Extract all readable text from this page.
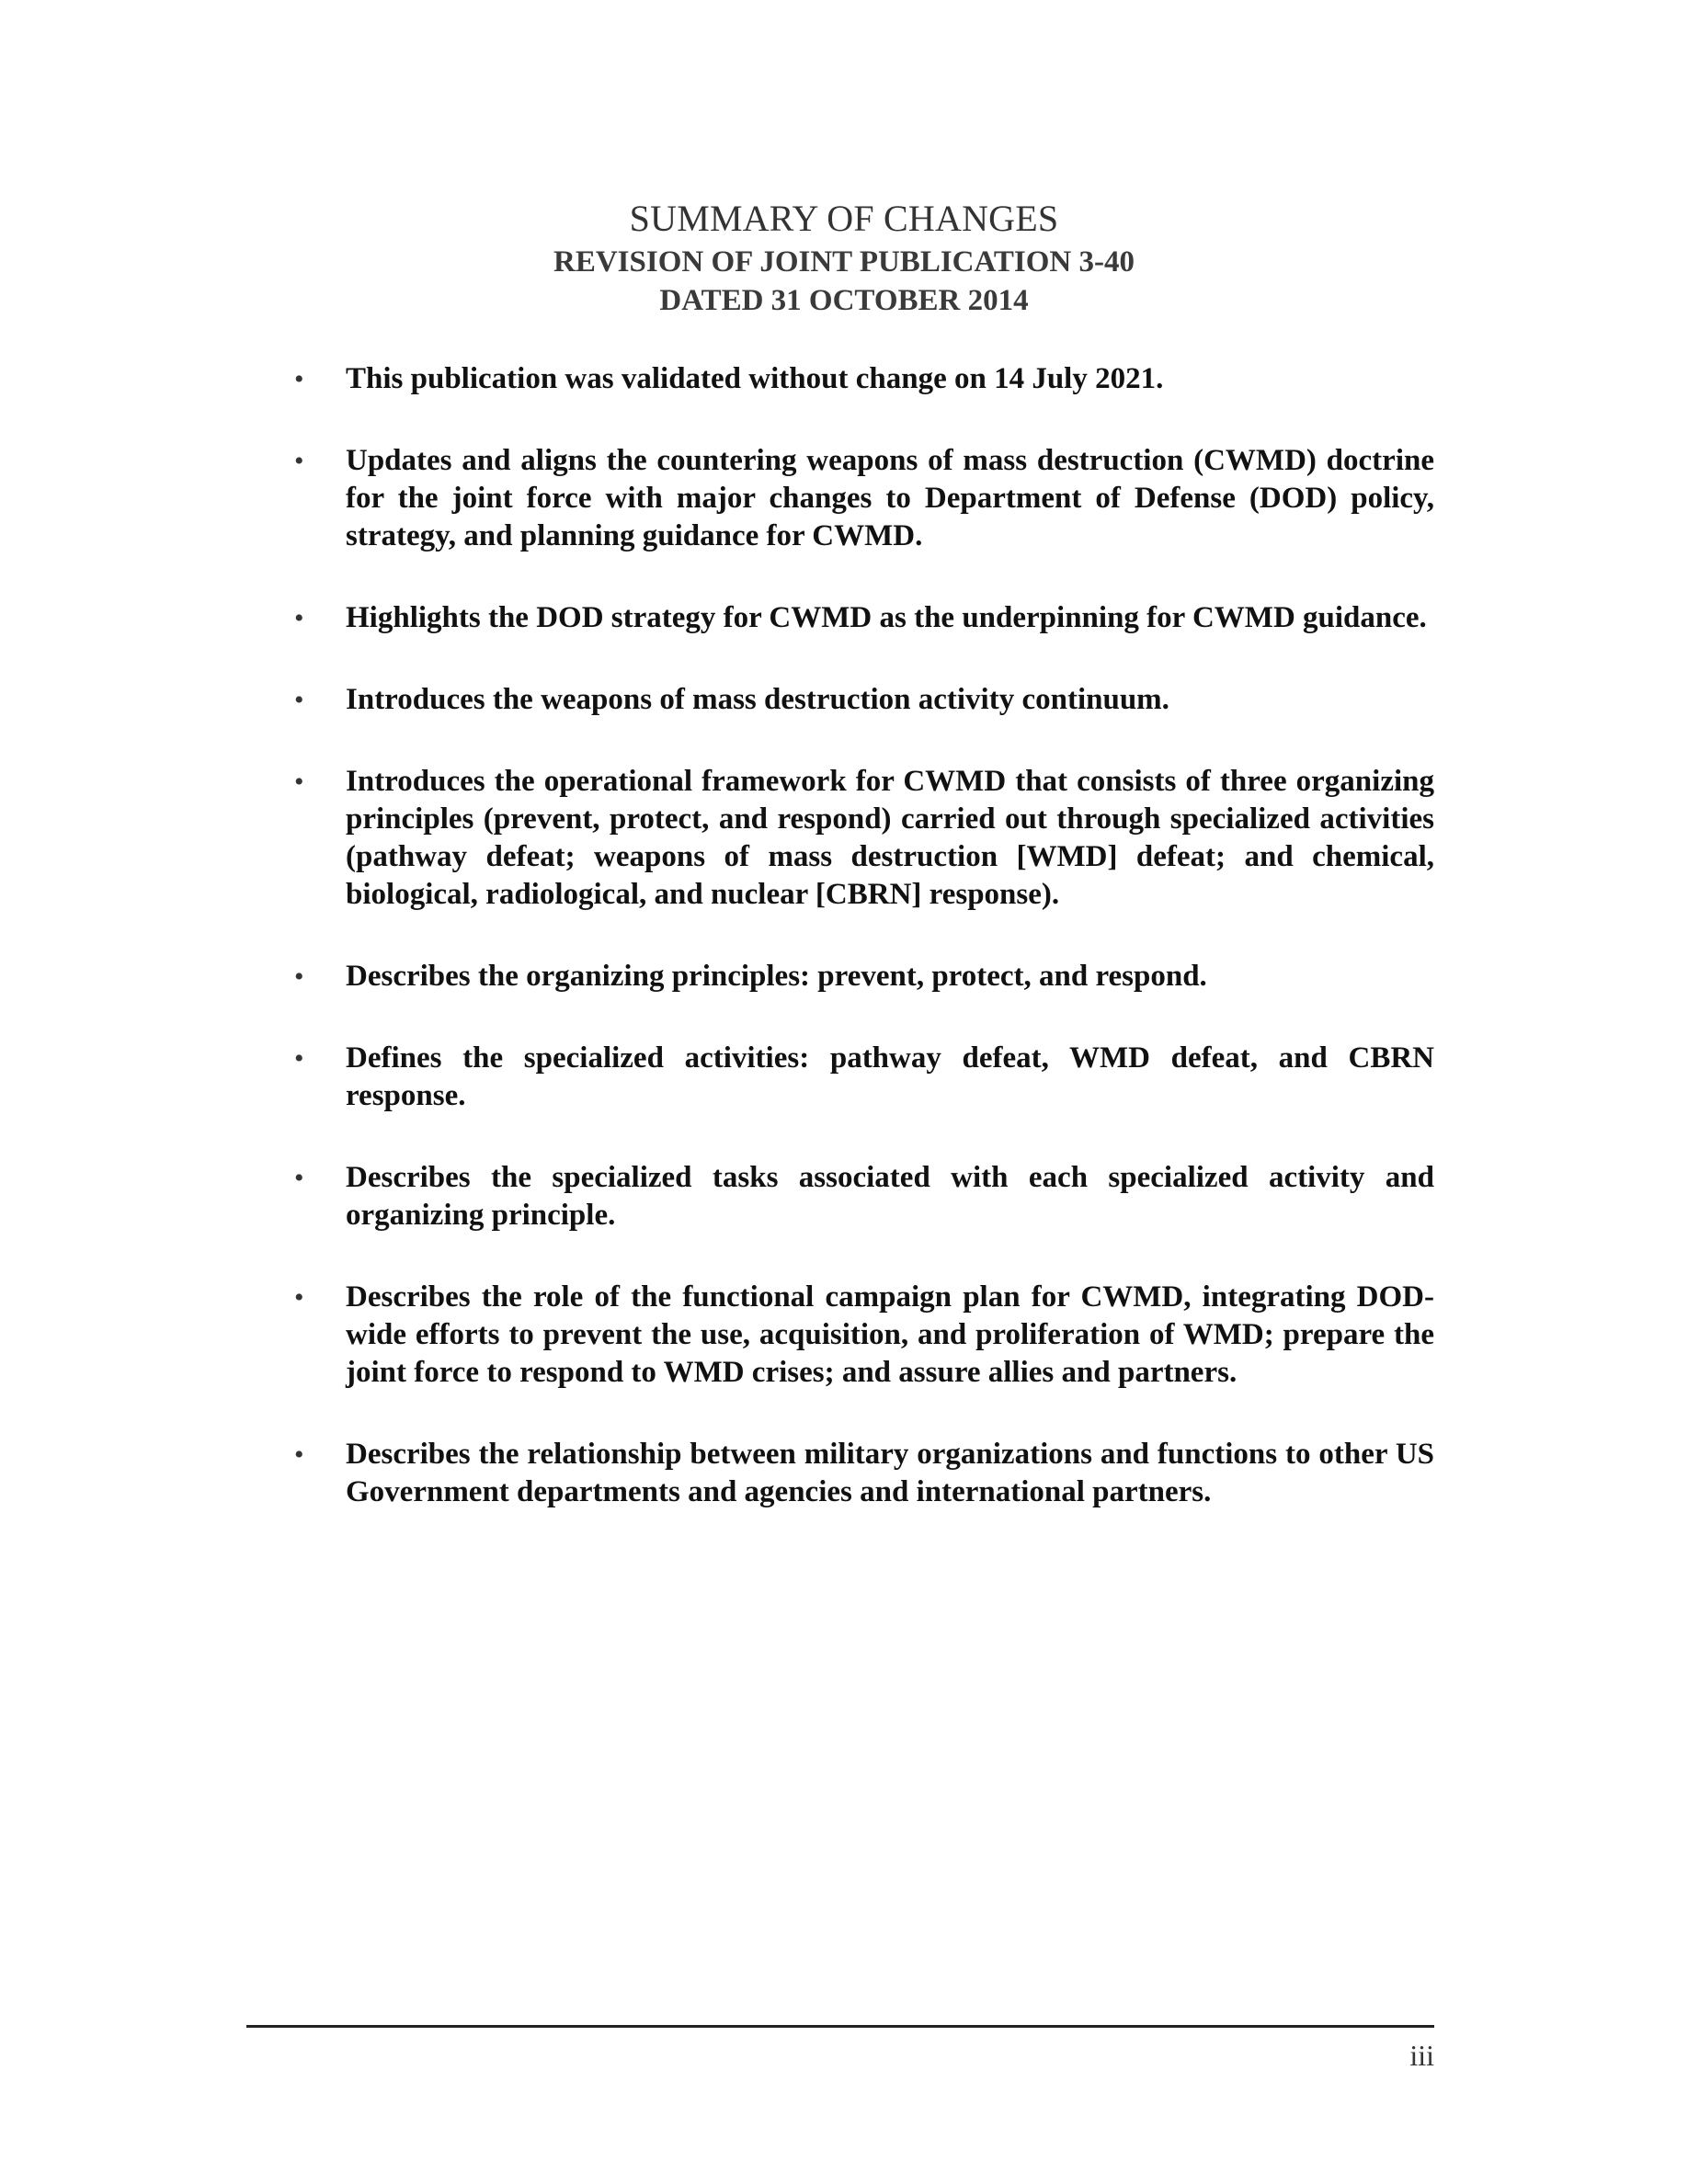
SUMMARY OF CHANGES
REVISION OF JOINT PUBLICATION 3-40
DATED 31 OCTOBER 2014
• This publication was validated without change on 14 July 2021.
• Updates and aligns the countering weapons of mass destruction (CWMD) doctrine for the joint force with major changes to Department of Defense (DOD) policy, strategy, and planning guidance for CWMD.
• Highlights the DOD strategy for CWMD as the underpinning for CWMD guidance.
• Introduces the weapons of mass destruction activity continuum.
• Introduces the operational framework for CWMD that consists of three organizing principles (prevent, protect, and respond) carried out through specialized activities (pathway defeat; weapons of mass destruction [WMD] defeat; and chemical, biological, radiological, and nuclear [CBRN] response).
• Describes the organizing principles: prevent, protect, and respond.
• Defines the specialized activities: pathway defeat, WMD defeat, and CBRN response.
• Describes the specialized tasks associated with each specialized activity and organizing principle.
• Describes the role of the functional campaign plan for CWMD, integrating DOD-wide efforts to prevent the use, acquisition, and proliferation of WMD; prepare the joint force to respond to WMD crises; and assure allies and partners.
• Describes the relationship between military organizations and functions to other US Government departments and agencies and international partners.
iii
